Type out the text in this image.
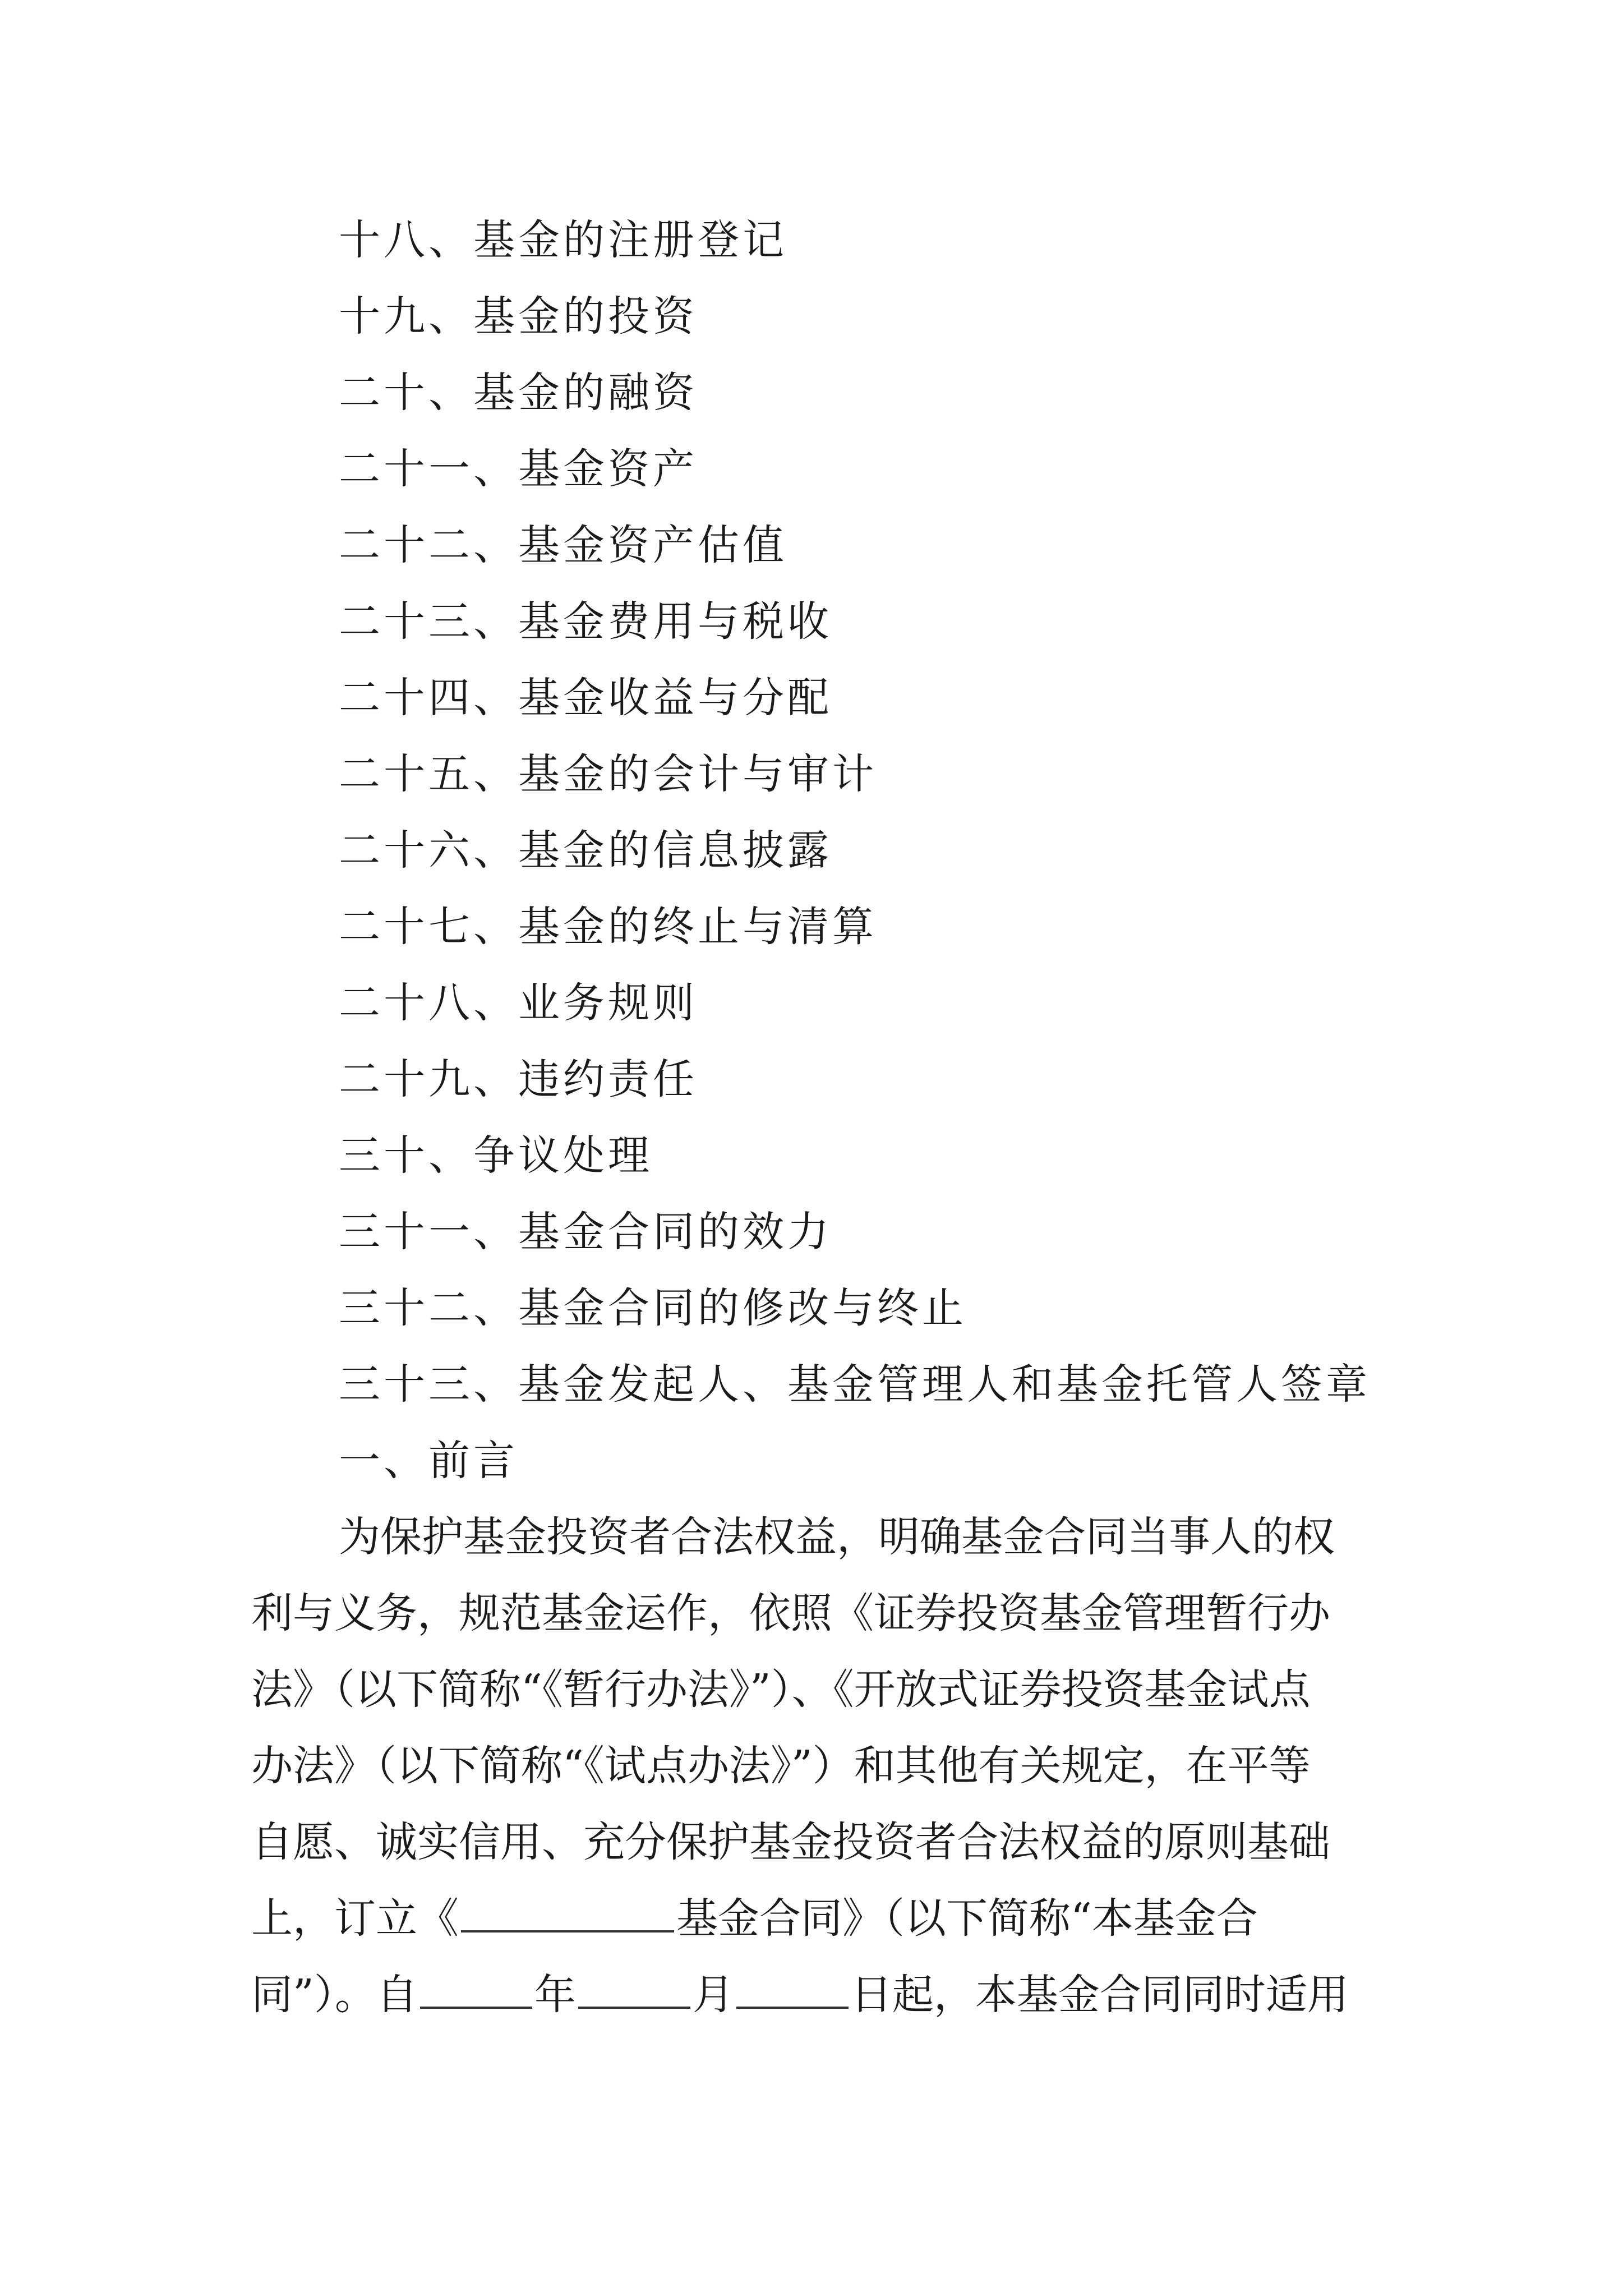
十八、基金的注册登记
十九、基金的投资
二十、基金的融资
二十一、基金资产
二十二、基金资产估值
二十三、基金费用与税收
二十四、基金收益与分配
二十五、基金的会计与审计
二十六、基金的信息披露
二十七、基金的终止与清算
二十八、业务规则
二十九、违约责任
三十、争议处理
三十一、基金合同的效力
三十二、基金合同的修改与终止
三十三、基金发起人、基金管理人和基金托管人签章
一、前言
为保护基金投资者合法权益，明确基金合同当事人的权
利与义务，规范基金运作，依照《证券投资基金管理暂行办
法》（以下简称“《暂行办法》”）、《开放式证券投资基金试点
办法》（以下简称“《试点办法》”）和其他有关规定，在平等
自愿、诚实信用、充分保护基金投资者合法权益的原则基础
上，订立《	基金合同》（以下简称“本基金合
同”）。自	年	月	日起，本基金合同同时适用
